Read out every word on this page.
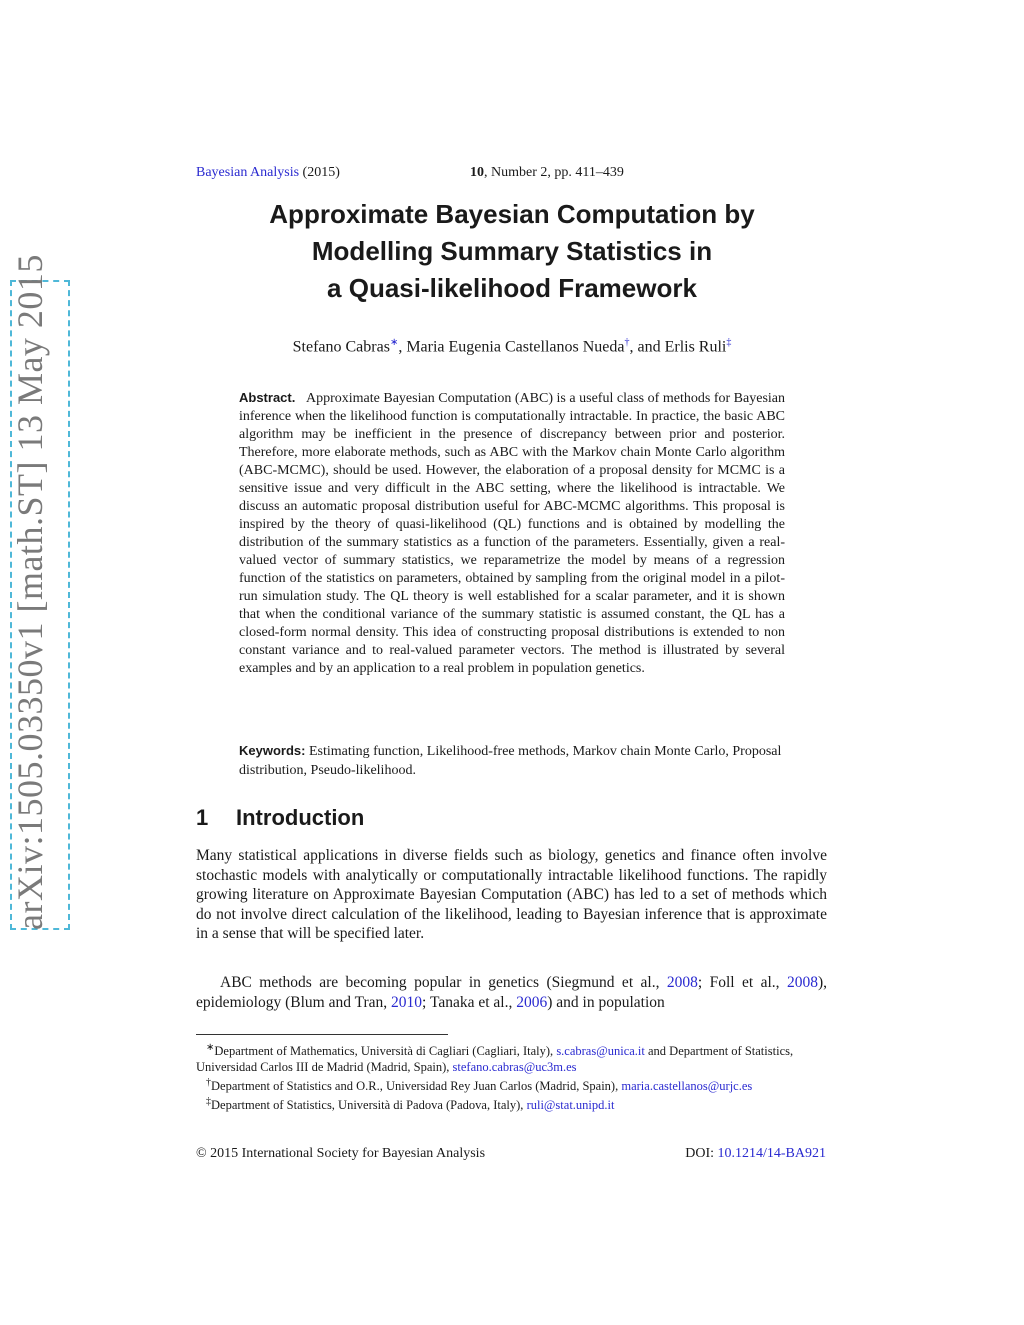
arXiv:1505.03350v1 [math.ST] 13 May 2015
Bayesian Analysis (2015)	10, Number 2, pp. 411–439
Approximate Bayesian Computation by
Modelling Summary Statistics in
a Quasi-likelihood Framework
Stefano Cabras∗, Maria Eugenia Castellanos Nueda†, and Erlis Ruli‡
Abstract. Approximate Bayesian Computation (ABC) is a useful class of methods for Bayesian inference when the likelihood function is computationally intractable. In practice, the basic ABC algorithm may be inefficient in the presence of discrepancy between prior and posterior. Therefore, more elaborate methods, such as ABC with the Markov chain Monte Carlo algorithm (ABC-MCMC), should be used. However, the elaboration of a proposal density for MCMC is a sensitive issue and very difficult in the ABC setting, where the likelihood is intractable. We discuss an automatic proposal distribution useful for ABC-MCMC algorithms. This proposal is inspired by the theory of quasi-likelihood (QL) functions and is obtained by modelling the distribution of the summary statistics as a function of the parameters. Essentially, given a real-valued vector of summary statistics, we reparametrize the model by means of a regression function of the statistics on parameters, obtained by sampling from the original model in a pilot-run simulation study. The QL theory is well established for a scalar parameter, and it is shown that when the conditional variance of the summary statistic is assumed constant, the QL has a closed-form normal density. This idea of constructing proposal distributions is extended to non constant variance and to real-valued parameter vectors. The method is illustrated by several examples and by an application to a real problem in population genetics.
Keywords: Estimating function, Likelihood-free methods, Markov chain Monte Carlo, Proposal distribution, Pseudo-likelihood.
1 Introduction
Many statistical applications in diverse fields such as biology, genetics and finance often involve stochastic models with analytically or computationally intractable likelihood functions. The rapidly growing literature on Approximate Bayesian Computation (ABC) has led to a set of methods which do not involve direct calculation of the likelihood, leading to Bayesian inference that is approximate in a sense that will be specified later.
ABC methods are becoming popular in genetics (Siegmund et al., 2008; Foll et al., 2008), epidemiology (Blum and Tran, 2010; Tanaka et al., 2006) and in population

∗Department of Mathematics, Università di Cagliari (Cagliari, Italy), s.cabras@unica.it and Department of Statistics, Universidad Carlos III de Madrid (Madrid, Spain), stefano.cabras@uc3m.es

†Department of Statistics and O.R., Universidad Rey Juan Carlos (Madrid, Spain), maria.castellanos@urjc.es

‡Department of Statistics, Università di Padova (Padova, Italy), ruli@stat.unipd.it

© 2015 International Society for Bayesian Analysis	DOI: 10.1214/14-BA921
